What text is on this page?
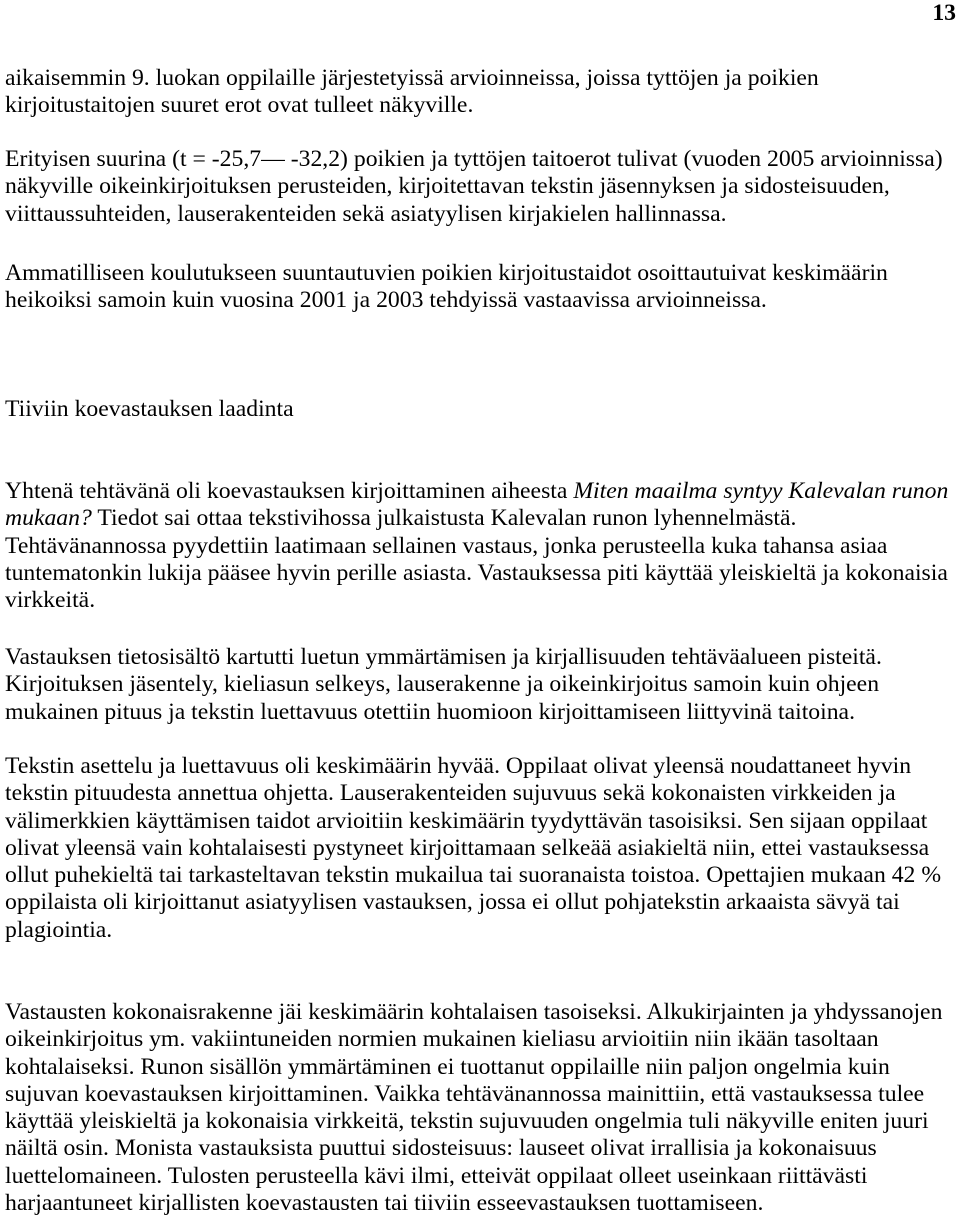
13
aikaisemmin 9. luokan oppilaille järjestetyissä arvioinneissa, joissa tyttöjen ja poikien
kirjoitustaitojen suuret erot ovat tulleet näkyville.
Erityisen suurina (t = -25,7— -32,2) poikien ja tyttöjen taitoerot tulivat (vuoden 2005 arvioinnissa)
näkyville oikeinkirjoituksen perusteiden, kirjoitettavan tekstin jäsennyksen ja sidosteisuuden,
viittaussuhteiden, lauserakenteiden sekä asiatyylisen kirjakielen hallinnassa.
Ammatilliseen koulutukseen suuntautuvien poikien kirjoitustaidot osoittautuivat keskimäärin
heikoiksi samoin kuin vuosina 2001 ja 2003 tehdyissä vastaavissa arvioinneissa.
Tiiviin koevastauksen laadinta
Yhtenä tehtävänä oli koevastauksen kirjoittaminen aiheesta Miten maailma syntyy Kalevalan runon
mukaan? Tiedot sai ottaa tekstivihossa julkaistusta Kalevalan runon lyhennelmästä.
Tehtävänannossa pyydettiin laatimaan sellainen vastaus, jonka perusteella kuka tahansa asiaa
tuntematonkin lukija pääsee hyvin perille asiasta. Vastauksessa piti käyttää yleiskieltä ja kokonaisia
virkkeitä.
Vastauksen tietosisältö kartutti luetun ymmärtämisen ja kirjallisuuden tehtäväalueen pisteitä.
Kirjoituksen jäsentely, kieliasun selkeys, lauserakenne ja oikeinkirjoitus samoin kuin ohjeen
mukainen pituus ja tekstin luettavuus otettiin huomioon kirjoittamiseen liittyvinä taitoina.
Tekstin asettelu ja luettavuus oli keskimäärin hyvää. Oppilaat olivat yleensä noudattaneet hyvin
tekstin pituudesta annettua ohjetta. Lauserakenteiden sujuvuus sekä kokonaisten virkkeiden ja
välimerkkien käyttämisen taidot arvioitiin keskimäärin tyydyttävän tasoisiksi. Sen sijaan oppilaat
olivat yleensä vain kohtalaisesti pystyneet kirjoittamaan selkeää asiakieltä niin, ettei vastauksessa
ollut puhekieltä tai tarkasteltavan tekstin mukailua tai suoranaista toistoa. Opettajien mukaan 42 %
oppilaista oli kirjoittanut asiatyylisen vastauksen, jossa ei ollut pohjatekstin arkaaista sävyä tai
plagiointia.
Vastausten kokonaisrakenne jäi keskimäärin kohtalaisen tasoiseksi. Alkukirjainten ja yhdyssanojen
oikeinkirjoitus ym. vakiintuneiden normien mukainen kieliasu arvioitiin niin ikään tasoltaan
kohtalaiseksi. Runon sisällön ymmärtäminen ei tuottanut oppilaille niin paljon ongelmia kuin
sujuvan koevastauksen kirjoittaminen. Vaikka tehtävänannossa mainittiin, että vastauksessa tulee
käyttää yleiskieltä ja kokonaisia virkkeitä, tekstin sujuvuuden ongelmia tuli näkyville eniten juuri
näiltä osin. Monista vastauksista puuttui sidosteisuus: lauseet olivat irrallisia ja kokonaisuus
luettelomaineen. Tulosten perusteella kävi ilmi, etteivät oppilaat olleet useinkaan riittävästi
harjaantuneet kirjallisten koevastausten tai tiiviin esseevastauksen tuottamiseen.
